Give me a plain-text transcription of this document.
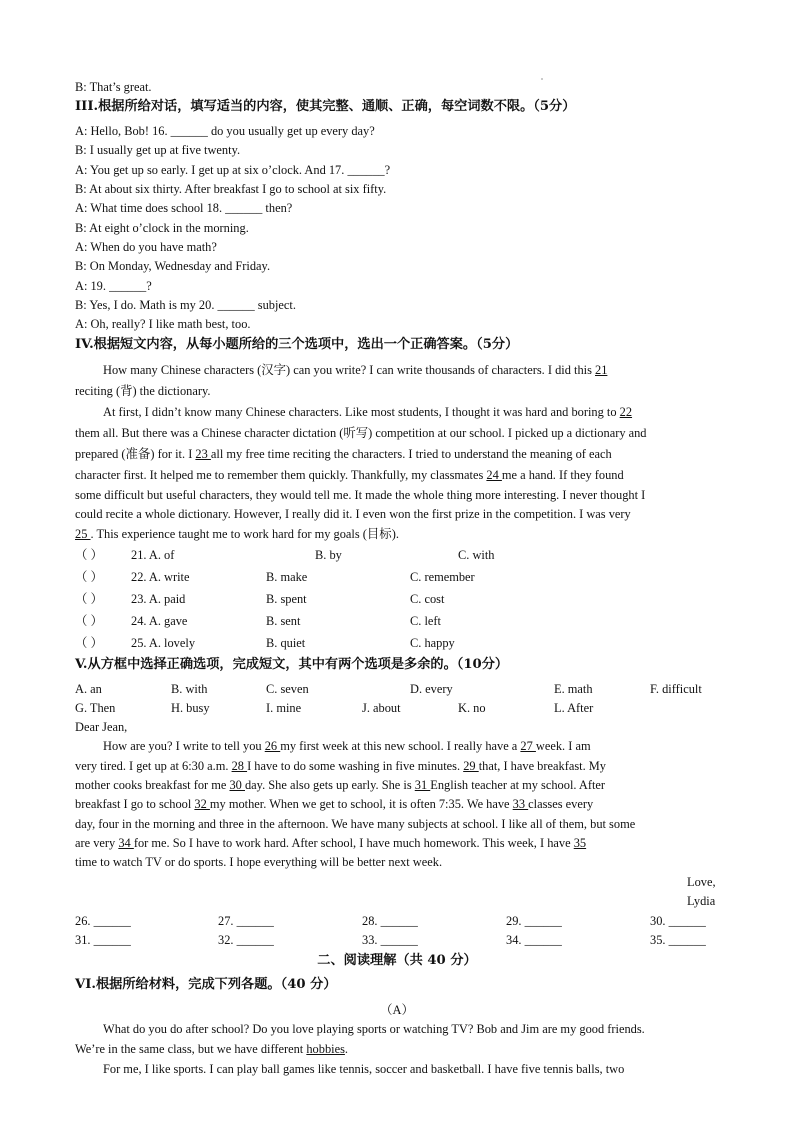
B: That’s great.
III.根据所给对话，填写适当的内容，使其完整、通顺、正确，每空词数不限。（5分）
A: Hello, Bob! 16. ______ do you usually get up every day?
B: I usually get up at five twenty.
A: You get up so early. I get up at six o’clock. And 17. ______?
B: At about six thirty. After breakfast I go to school at six fifty.
A: What time does school 18. ______ then?
B: At eight o’clock in the morning.
A: When do you have math?
B: On Monday, Wednesday and Friday.
A: 19. ______?
B: Yes, I do. Math is my 20. ______ subject.
A: Oh, really? I like math best, too.
IV.根据短文内容，从每小题所给的三个选项中，选出一个正确答案。（5分）
How many Chinese characters (汉字) can you write? I can write thousands of characters. I did this 21
reciting (背) the dictionary.
At first, I didn’t know many Chinese characters. Like most students, I thought it was hard and boring to 22
them all. But there was a Chinese character dictation (听写) competition at our school. I picked up a dictionary and
prepared (准备) for it. I 23 all my free time reciting the characters. I tried to understand the meaning of each
character first. It helped me to remember them quickly. Thankfully, my classmates 24 me a hand. If they found
some difficult but useful characters, they would tell me. It made the whole thing more interesting. I never thought I
could recite a whole dictionary. However, I really did it. I even won the first prize in the competition. I was very
25 . This experience taught me to work hard for my goals (目标).
（ ） 21. A. of	B. by	C. with
（ ） 22. A. write	B. make	C. remember
（ ） 23. A. paid	B. spent	C. cost
（ ） 24. A. gave	B. sent	C. left
（ ） 25. A. lovely	B. quiet	C. happy
V.从方框中选择正确选项，完成短文，其中有两个选项是多余的。（10分）
A. an	B. with	C. seven	D. every	E. math	F. difficult
G. Then	H. busy	I. mine	J. about	K. no	L. After
Dear Jean,
How are you? I write to tell you 26 my first week at this new school. I really have a 27 week. I am
very tired. I get up at 6:30 a.m. 28 I have to do some washing in five minutes. 29 that, I have breakfast. My
mother cooks breakfast for me 30 day. She also gets up early. She is 31 English teacher at my school. After
breakfast I go to school 32 my mother. When we get to school, it is often 7:35. We have 33 classes every
day, four in the morning and three in the afternoon. We have many subjects at school. I like all of them, but some
are very 34 for me. So I have to work hard. After school, I have much homework. This week, I have 35
time to watch TV or do sports. I hope everything will be better next week.
Love,
Lydia
26. ______	27. ______	28. ______	29. ______	30. ______
31. ______	32. ______	33. ______	34. ______	35. ______
二、阅读理解（共 40 分）
VI.根据所给材料，完成下列各题。（40 分）
（A）
What do you do after school? Do you love playing sports or watching TV? Bob and Jim are my good friends.
We’re in the same class, but we have different hobbies.
For me, I like sports. I can play ball games like tennis, soccer and basketball. I have five tennis balls, two
